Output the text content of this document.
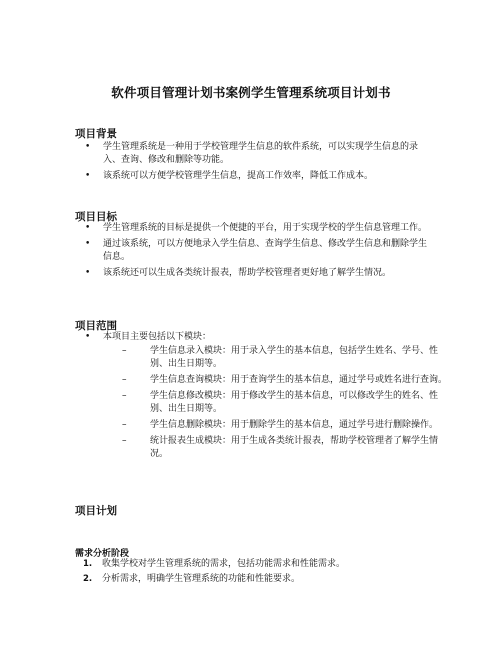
软件项目管理计划书案例学生管理系统项目计划书
项目背景
• 学生管理系统是一种用于学校管理学生信息的软件系统，可以实现学生信息的录入、查询、修改和删除等功能。
• 该系统可以方便学校管理学生信息，提高工作效率，降低工作成本。
项目目标
• 学生管理系统的目标是提供一个便捷的平台，用于实现学校的学生信息管理工作。
• 通过该系统，可以方便地录入学生信息、查询学生信息、修改学生信息和删除学生信息。
• 该系统还可以生成各类统计报表，帮助学校管理者更好地了解学生情况。
项目范围
• 本项目主要包括以下模块：
– 学生信息录入模块：用于录入学生的基本信息，包括学生姓名、学号、性别、出生日期等。
– 学生信息查询模块：用于查询学生的基本信息，通过学号或姓名进行查询。
– 学生信息修改模块：用于修改学生的基本信息，可以修改学生的姓名、性别、出生日期等。
– 学生信息删除模块：用于删除学生的基本信息，通过学号进行删除操作。
– 统计报表生成模块：用于生成各类统计报表，帮助学校管理者了解学生情况。
项目计划
需求分析阶段
1. 收集学校对学生管理系统的需求，包括功能需求和性能需求。
2. 分析需求，明确学生管理系统的功能和性能要求。
